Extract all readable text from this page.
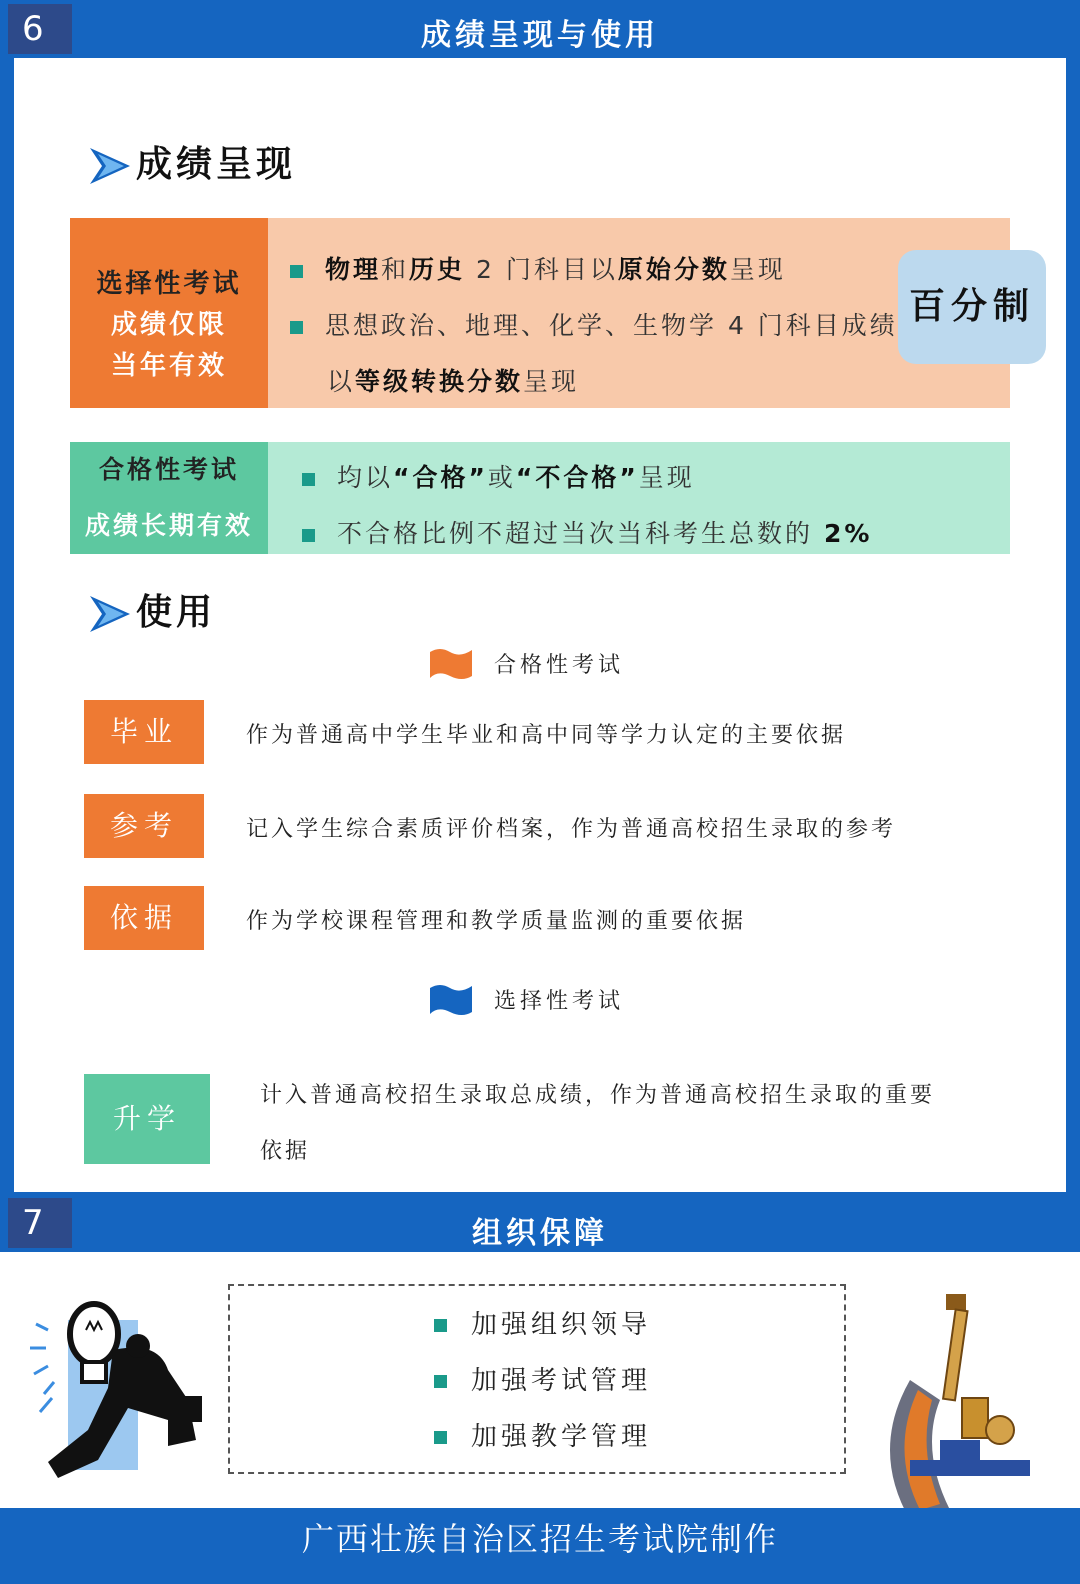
6	成绩呈现与使用
成绩呈现
选择性考试
成绩仅限
当年有效
物理和历史 2 门科目以原始分数呈现
思想政治、地理、化学、生物学 4 门科目成绩
以等级转换分数呈现
百分制
合格性考试
成绩长期有效
均以“合格”或“不合格”呈现
不合格比例不超过当次当科考生总数的 2%
使用
合格性考试
毕业	作为普通高中学生毕业和高中同等学力认定的主要依据
参考	记入学生综合素质评价档案，作为普通高校招生录取的参考
依据	作为学校课程管理和教学质量监测的重要依据
选择性考试
升学
计入普通高校招生录取总成绩，作为普通高校招生录取的重要
依据
7	组织保障
加强组织领导
加强考试管理
加强教学管理
广西壮族自治区招生考试院制作
